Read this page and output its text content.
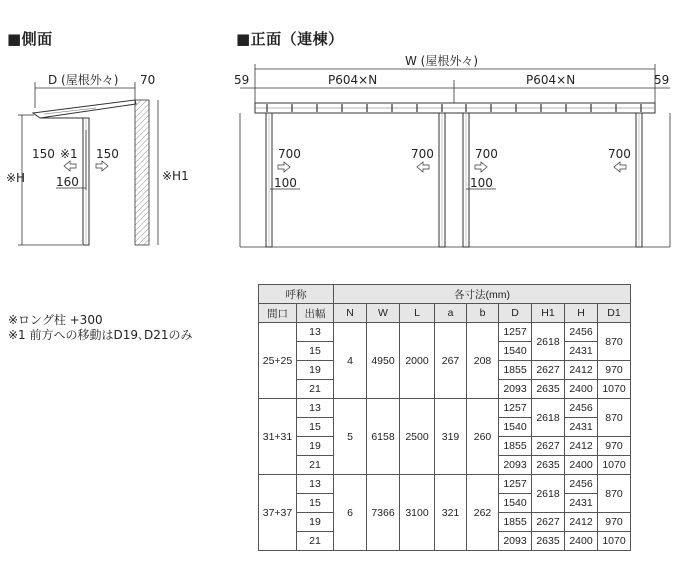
■側面	■正面（連棟）
D (屋根外々) 70
※H
150 ※1 150
160	※H1
W (屋根外々)
59	59
P604×N	P604×N
700	700	700	700
100	100
※ロング柱 +300
※1 前方への移動はD19､D21のみ
呼称		各寸法(mm)								
間口	出幅	N	W	L	a	b	D	H1	H	D1
25+25	13	4	4950	2000	267	208	1257	2618	2456	870
	15						1540		2431	
	19						1855	2627	2412	970
	21						2093	2635	2400	1070
31+31	13	5	6158	2500	319	260	1257	2618	2456	870
	15						1540		2431	
	19						1855	2627	2412	970
	21						2093	2635	2400	1070
37+37	13	6	7366	3100	321	262	1257	2618	2456	870
	15						1540		2431	
	19						1855	2627	2412	970
	21						2093	2635	2400	1070
